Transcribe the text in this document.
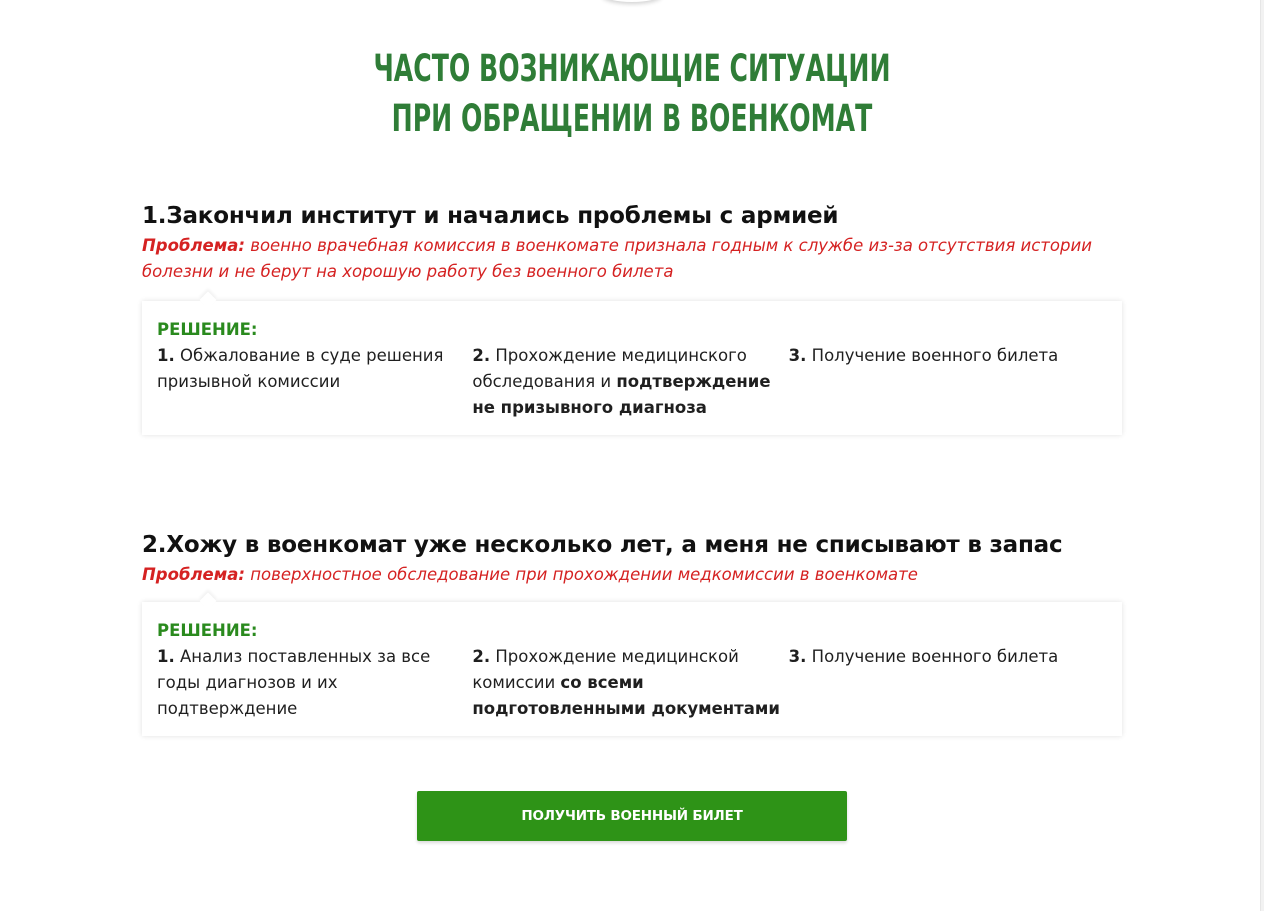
ЧАСТО ВОЗНИКАЮЩИЕ СИТУАЦИИ
ПРИ ОБРАЩЕНИИ В ВОЕНКОМАТ
1.Закончил институт и начались проблемы с армией

Проблема: военно врачебная комиссия в военкомате признала годным к службе из-за отсутствия истории болезни и не берут на хорошую работу без военного билета

РЕШЕНИЕ:
1. Обжалование в суде решения призывной комиссии
2. Прохождение медицинского обследования и подтверждение не призывного диагноза
3. Получение военного билета
2.Хожу в военкомат уже несколько лет, а меня не списывают в запас

Проблема: поверхностное обследование при прохождении медкомиссии в военкомате

РЕШЕНИЕ:
1. Анализ поставленных за все годы диагнозов и их подтверждение
2. Прохождение медицинской комиссии со всеми подготовленными документами
3. Получение военного билета
ПОЛУЧИТЬ ВОЕННЫЙ БИЛЕТ
